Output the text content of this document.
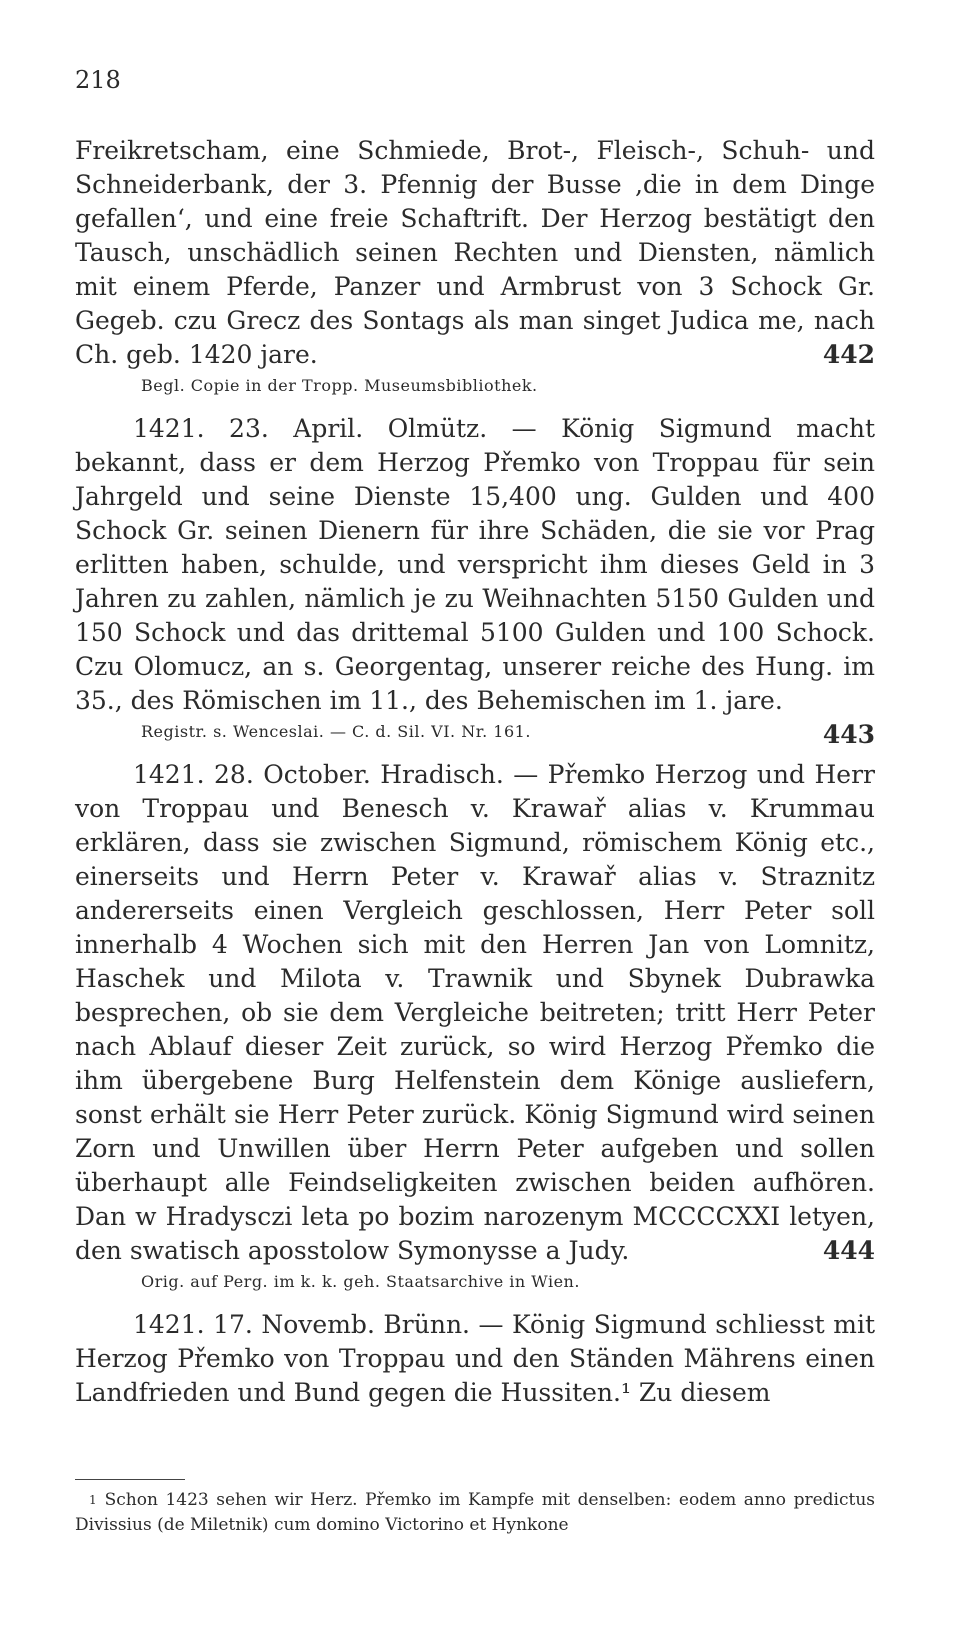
218

Freikretscham, eine Schmiede, Brot-, Fleisch-, Schuh- und Schneiderbank, der 3. Pfennig der Busse ‚die in dem Dinge gefallen‘, und eine freie Schaftrift. Der Herzog bestätigt den Tausch, unschädlich seinen Rechten und Diensten, nämlich mit einem Pferde, Panzer und Armbrust von 3 Schock Gr. Gegeb. czu Grecz des Sontags als man singet Judica me, nach Ch. geb. 1420 jare.	442

Begl. Copie in der Tropp. Museumsbibliothek.

1421. 23. April. Olmütz. — König Sigmund macht bekannt, dass er dem Herzog Přemko von Troppau für sein Jahrgeld und seine Dienste 15,400 ung. Gulden und 400 Schock Gr. seinen Dienern für ihre Schäden, die sie vor Prag erlitten haben, schulde, und verspricht ihm dieses Geld in 3 Jahren zu zahlen, nämlich je zu Weihnachten 5150 Gulden und 150 Schock und das drittemal 5100 Gulden und 100 Schock. Czu Olomucz, an s. Georgentag, unserer reiche des Hung. im 35., des Römischen im 11., des Behemischen im 1. jare.
443

Registr. s. Wenceslai. — C. d. Sil. VI. Nr. 161.

1421. 28. October. Hradisch. — Přemko Herzog und Herr von Troppau und Benesch v. Krawař alias v. Krummau erklären, dass sie zwischen Sigmund, römischem König etc., einerseits und Herrn Peter v. Krawař alias v. Straznitz andererseits einen Vergleich geschlossen, Herr Peter soll innerhalb 4 Wochen sich mit den Herren Jan von Lomnitz, Haschek und Milota v. Trawnik und Sbynek Dubrawka besprechen, ob sie dem Vergleiche beitreten; tritt Herr Peter nach Ablauf dieser Zeit zurück, so wird Herzog Přemko die ihm übergebene Burg Helfenstein dem Könige ausliefern, sonst erhält sie Herr Peter zurück. König Sigmund wird seinen Zorn und Unwillen über Herrn Peter aufgeben und sollen überhaupt alle Feindseligkeiten zwischen beiden aufhören. Dan w Hradysczi leta po bozim narozenym MCCCCXXI letyen, den swatisch aposstolow Symonysse a Judy.	444

Orig. auf Perg. im k. k. geh. Staatsarchive in Wien.

1421. 17. Novemb. Brünn. — König Sigmund schliesst mit Herzog Přemko von Troppau und den Ständen Mährens einen Landfrieden und Bund gegen die Hussiten.¹ Zu diesem

$^1$ Schon 1423 sehen wir Herz. Přemko im Kampfe mit denselben: eodem anno predictus Divissius (de Miletnik) cum domino Victorino et Hynkone
